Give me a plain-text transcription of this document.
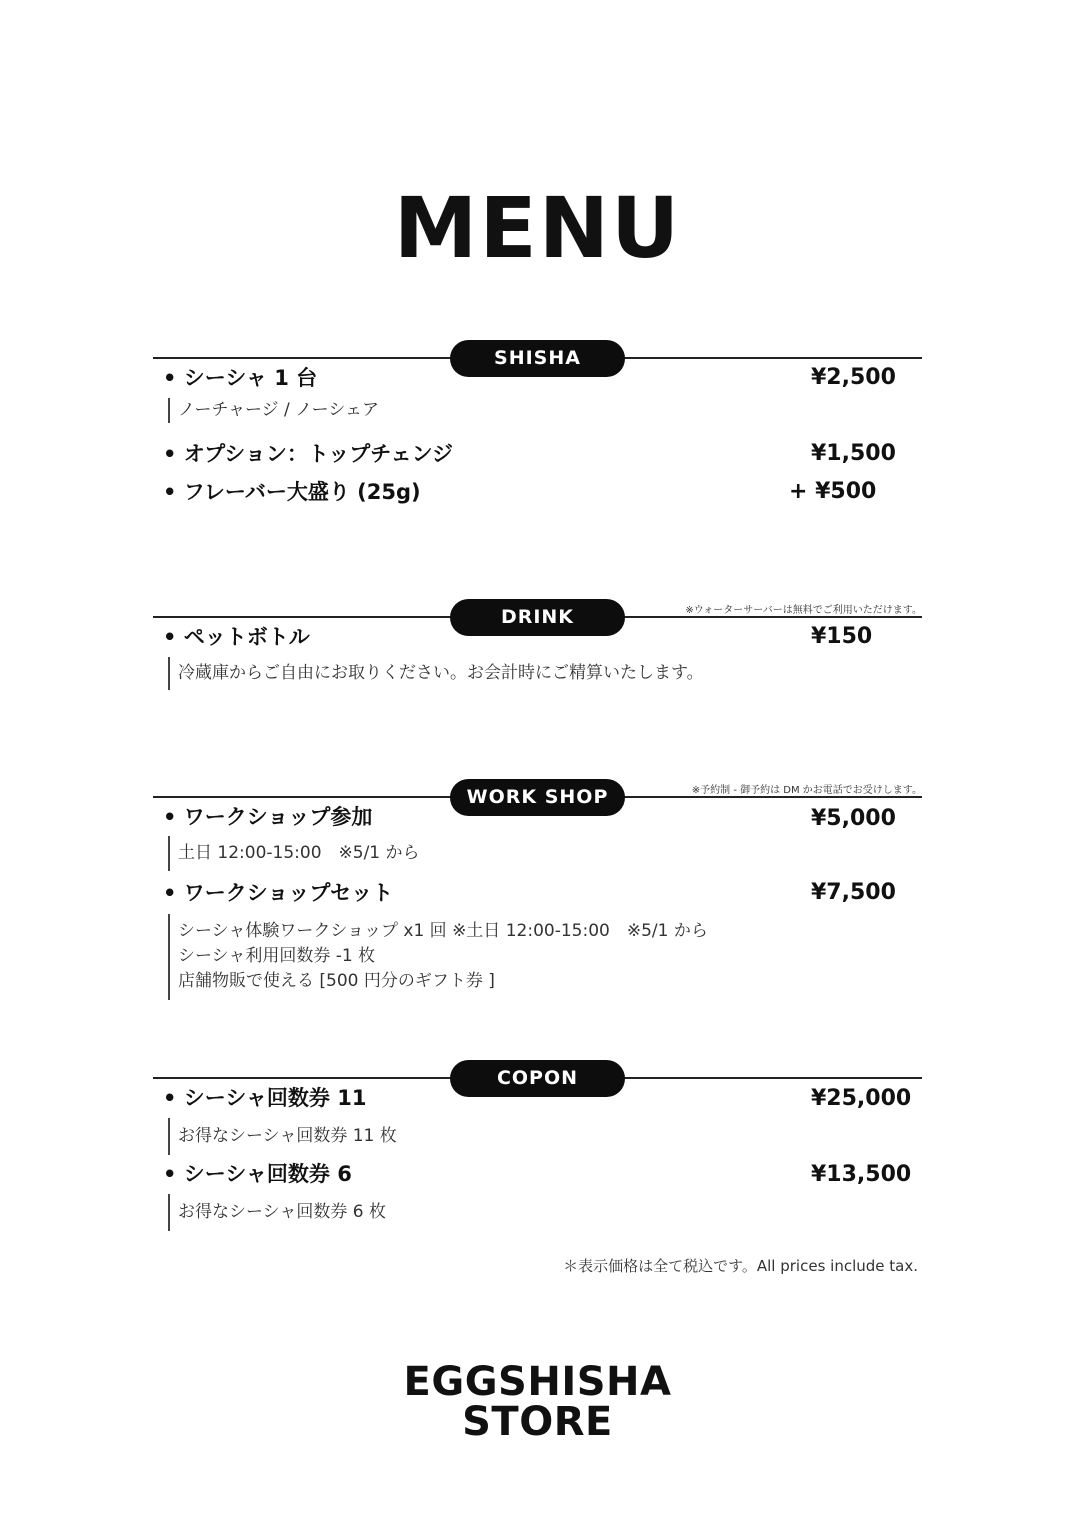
MENU
SHISHA
• シーシャ 1 台	¥2,500
ノーチャージ / ノーシェア
• オプション：トップチェンジ	¥1,500
• フレーバー大盛り (25g)	+ ¥500
※ウォーターサーバーは無料でご利用いただけます。
DRINK
• ペットボトル	¥150
冷蔵庫からご自由にお取りください。お会計時にご精算いたします。
※予約制 - 御予約は DM かお電話でお受けします。
WORK SHOP
• ワークショップ参加	¥5,000
土日 12:00-15:00　※5/1 から
• ワークショップセット	¥7,500
シーシャ体験ワークショップ x1 回 ※土日 12:00-15:00　※5/1 から
シーシャ利用回数券 -1 枚
店舗物販で使える [500 円分のギフト券 ]
COPON
• シーシャ回数券 11	¥25,000
お得なシーシャ回数券 11 枚
• シーシャ回数券 6	¥13,500
お得なシーシャ回数券 6 枚
＊表示価格は全て税込です。All prices include tax.
EGGSHISHA
STORE
